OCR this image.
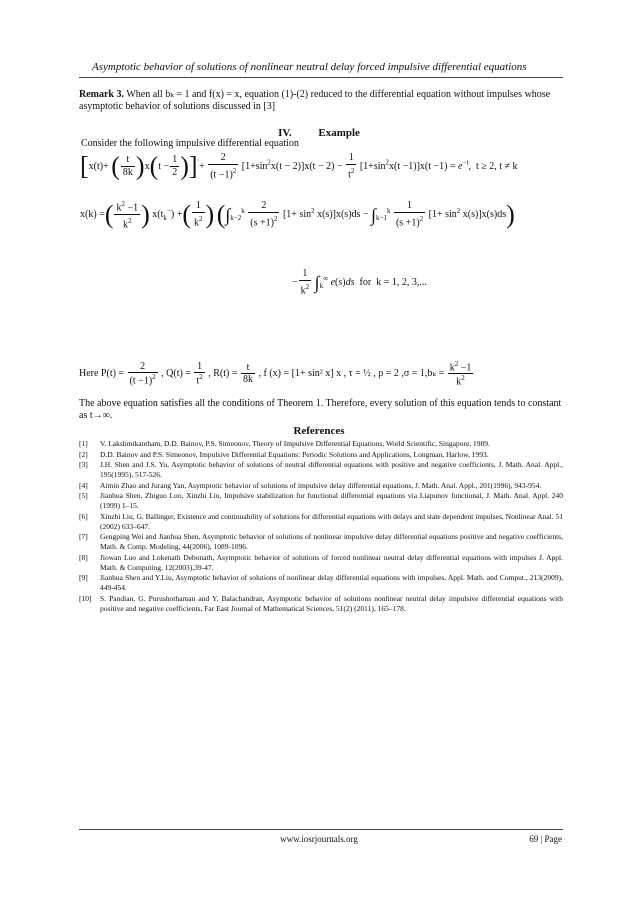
Asymptotic behavior of solutions of nonlinear neutral delay forced impulsive differential equations
Remark 3. When all bₖ = 1 and f(x) = x, equation (1)-(2) reduced to the differential equation without impulses whose asymptotic behavior of solutions discussed in [3]
IV. Example
Consider the following impulsive differential equation
[x(t)+ ( $\frac{t}{8k} )x(t - \frac{1}{2} )]'+ \frac{2}{(t -1)^2} [1+\sin^2x(t - 2)]x(t - 2) - \frac{1}{t^2} [1+\sin^2x(t -1)]x(t -1) = e^{-t}$,  t ≥ 2, t ≠ k
x(k) =( $\frac{k^2 -1}{k^2}$ ) $x(t_k^-)$ +( $\frac{1}{k^2}$ ) $(\int_{k-2}^k \frac{2}{(s +1)^2} [1+ \sin^2 x(s)]x(s)ds - \int_{k-1}^k \frac{1}{(s +1)^2} [1+ \sin^2 x(s)]x(s)ds)$
− $\frac{1}{k^2} \int_k^\infty$ e(s)ds  for  k = 1, 2, 3,...
Here $P(t) = \frac{2}{(t -1)^2}$ , $Q(t) = \frac{1}{t^2}$ , $R(t) = \frac{t}{8k}$ , f (x) = [1+ sin² x] x , τ = ½ , ρ = 2 $,\sigma = 1,b_k = \frac{k^2 -1}{k^2}$
The above equation satisfies all the conditions of Theorem 1. Therefore, every solution of this equation tends to constant as t→∞.
References
[1]	V. Lakshmikantham, D.D. Bainov, P.S. Simeonov, Theory of Impulsive Differential Equations, World Scientific, Singapore, 1989.
[2]	D.D. Bainov and P.S. Simeonov, Impulsive Differential Equations: Periodic Solutions and Applications, Longman, Harlow, 1993.
[3]	J.H. Shen and J.S. Yu, Asymptotic behavior of solutions of neutral differential equations with positive and negative coefficients, J. Math. Anal. Appl., 195(1995), 517-526.
[4]	Aimin Zhao and Jurang Yan, Asymptotic behavior of solutions of impulsive delay differential equations, J. Math. Anal. Appl., 201(1996), 943-954.
[5]	Jianhua Shen, Zhiguo Luo, Xinzhi Liu, Impulsive stabilization for functional differential equations via Liapunov functional, J. Math. Anal. Appl. 240 (1999) 1–15.
[6]	Xinzhi Liu, G. Ballinger, Existence and continuability of solutions for differential equations with delays and state dependent impulses, Nonlinear Anal. 51 (2002) 633–647.
[7]	Gengping Wei and Jianhua Shen, Asymptotic behavior of solutions of nonlinear impulsive delay differential equations positive and negative coefficients, Math. & Comp. Modeling, 44(2006), 1089-1096.
[8]	Jiowan Luo and Lokenath Debonath, Asymptotic behavior of solutions of forced nonlinear neutral delay differential equations with impulses J. Appl. Math. & Computing, 12(2003),39-47.
[9]	Jianhua Shen and Y.Liu, Asymptotic behavior of solutions of nonlinear delay differential equations with impulses, Appl. Math. and Comput., 213(2009), 449-454.
[10]	S. Pandian, G. Purushothaman and Y. Balachandran, Asymptotic behavior of solutions nonlinear neutral delay impulsive differential equations with positive and negative coefficients, Far East Journal of Mathematical Sciences, 51(2) (2011), 165–178.
www.iosrjournals.org	69 | Page
